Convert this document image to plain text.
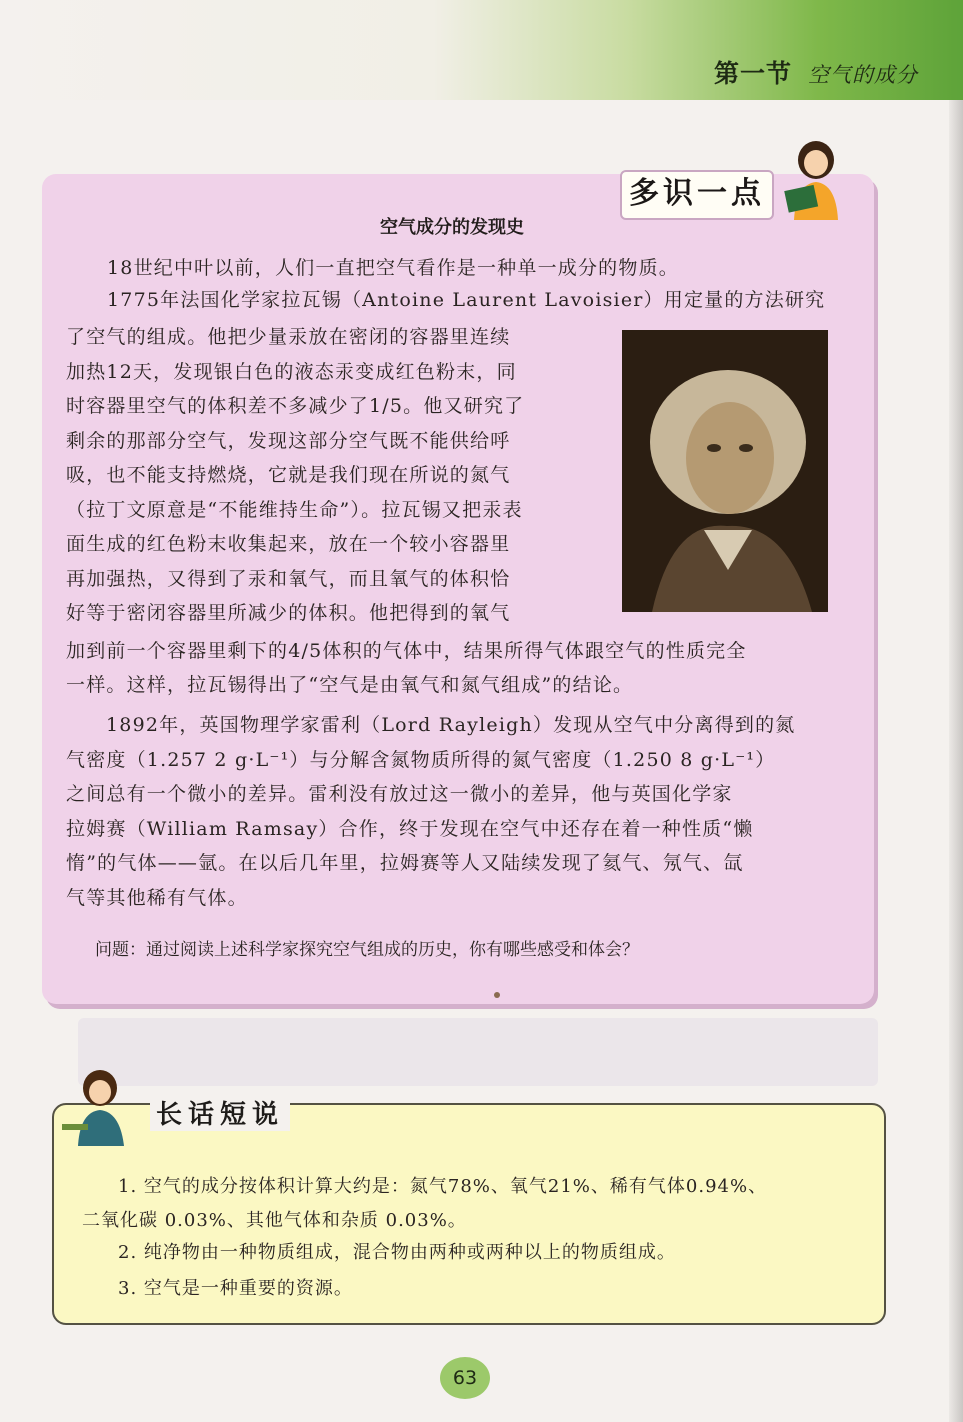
第一节 空气的成分
多识一点
空气成分的发现史

18世纪中叶以前，人们一直把空气看作是一种单一成分的物质。

1775年法国化学家拉瓦锡（Antoine Laurent Lavoisier）用定量的方法研究

了空气的组成。他把少量汞放在密闭的容器里连续
加热12天，发现银白色的液态汞变成红色粉末，同
时容器里空气的体积差不多减少了1/5。他又研究了
剩余的那部分空气，发现这部分空气既不能供给呼
吸，也不能支持燃烧，它就是我们现在所说的氮气
（拉丁文原意是“不能维持生命”）。拉瓦锡又把汞表
面生成的红色粉末收集起来，放在一个较小容器里
再加强热，又得到了汞和氧气，而且氧气的体积恰
好等于密闭容器里所减少的体积。他把得到的氧气

加到前一个容器里剩下的4/5体积的气体中，结果所得气体跟空气的性质完全
一样。这样，拉瓦锡得出了“空气是由氧气和氮气组成”的结论。

1892年，英国物理学家雷利（Lord Rayleigh）发现从空气中分离得到的氮
气密度（1.257 2 g·L⁻¹）与分解含氮物质所得的氮气密度（1.250 8 g·L⁻¹）
之间总有一个微小的差异。雷利没有放过这一微小的差异，他与英国化学家
拉姆赛（William Ramsay）合作，终于发现在空气中还存在着一种性质“懒
惰”的气体——氩。在以后几年里，拉姆赛等人又陆续发现了氦气、氖气、氙
气等其他稀有气体。

问题：通过阅读上述科学家探究空气组成的历史，你有哪些感受和体会？
长话短说

1. 空气的成分按体积计算大约是：氮气78%、氧气21%、稀有气体0.94%、

二氧化碳 0.03%、其他气体和杂质 0.03%。

2. 纯净物由一种物质组成，混合物由两种或两种以上的物质组成。

3. 空气是一种重要的资源。

63
